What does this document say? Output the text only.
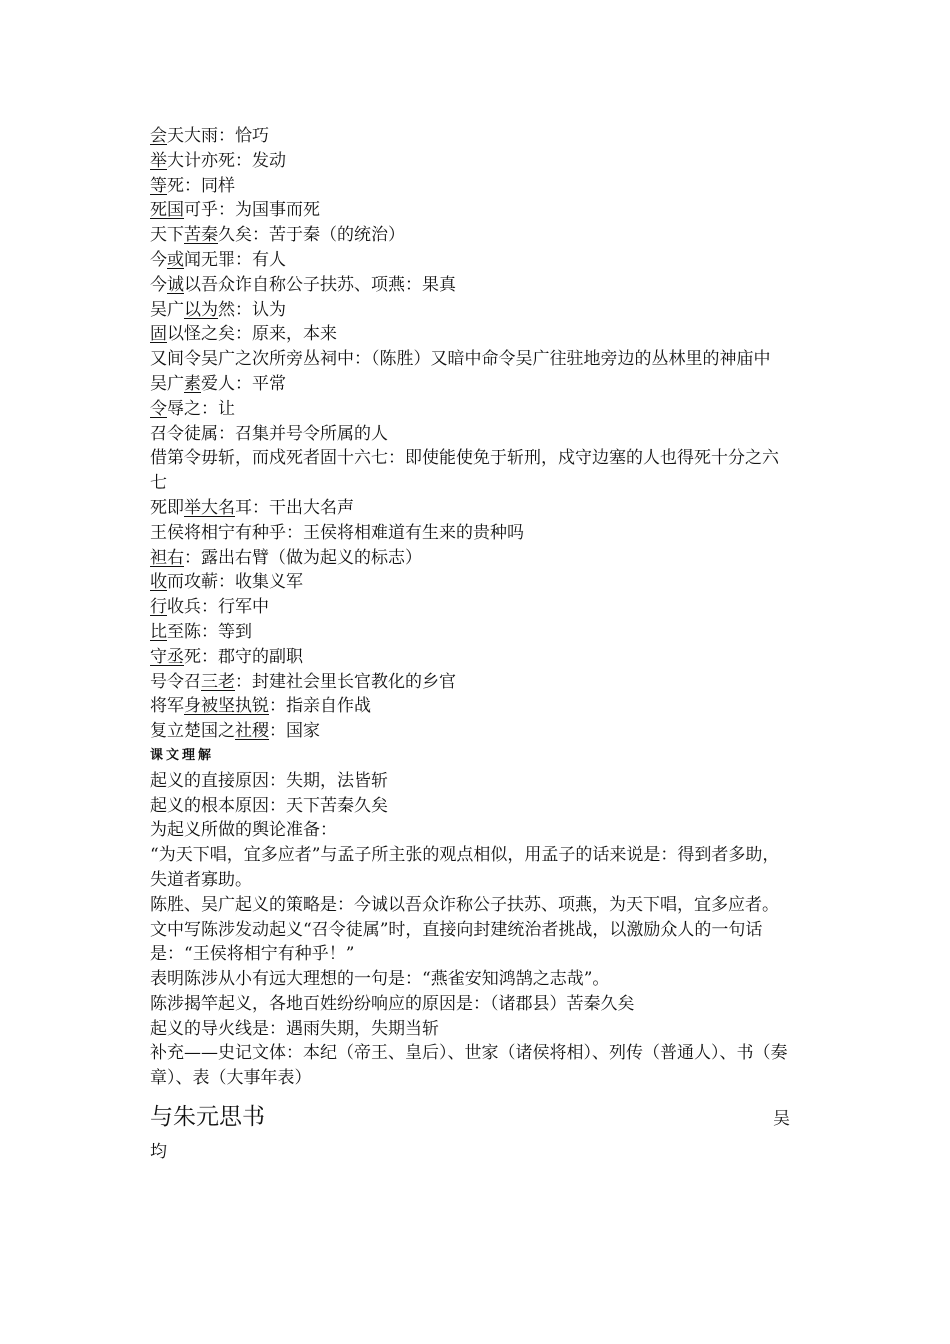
会天大雨：恰巧
举大计亦死：发动
等死：同样
死国可乎：为国事而死
天下苦秦久矣：苦于秦（的统治）
今或闻无罪：有人
今诚以吾众诈自称公子扶苏、项燕：果真
吴广以为然：认为
固以怪之矣：原来，本来
又间令吴广之次所旁丛祠中：（陈胜）又暗中命令吴广往驻地旁边的丛林里的神庙中
吴广素爱人：平常
令辱之：让
召令徒属：召集并号令所属的人
借第令毋斩，而戍死者固十六七：即使能使免于斩刑，戍守边塞的人也得死十分之六七
死即举大名耳：干出大名声
王侯将相宁有种乎：王侯将相难道有生来的贵种吗
袒右：露出右臂（做为起义的标志）
收而攻蕲：收集义军
行收兵：行军中
比至陈：等到
守丞死：郡守的副职
号令召三老：封建社会里长官教化的乡官
将军身被坚执锐：指亲自作战
复立楚国之社稷：国家
课文理解
起义的直接原因：失期，法皆斩
起义的根本原因：天下苦秦久矣
为起义所做的舆论准备：
“为天下唱，宜多应者”与孟子所主张的观点相似，用孟子的话来说是：得到者多助，失道者寡助。
陈胜、吴广起义的策略是：今诚以吾众诈称公子扶苏、项燕，为天下唱，宜多应者。
文中写陈涉发动起义“召令徒属”时，直接向封建统治者挑战，以激励众人的一句话是：“王侯将相宁有种乎！”
表明陈涉从小有远大理想的一句是：“燕雀安知鸿鹄之志哉”。
陈涉揭竿起义，各地百姓纷纷响应的原因是：（诸郡县）苦秦久矣
起义的导火线是：遇雨失期，失期当斩
补充——史记文体：本纪（帝王、皇后）、世家（诸侯将相）、列传（普通人）、书（奏章）、表（大事年表）
与朱元思书	吴
均
